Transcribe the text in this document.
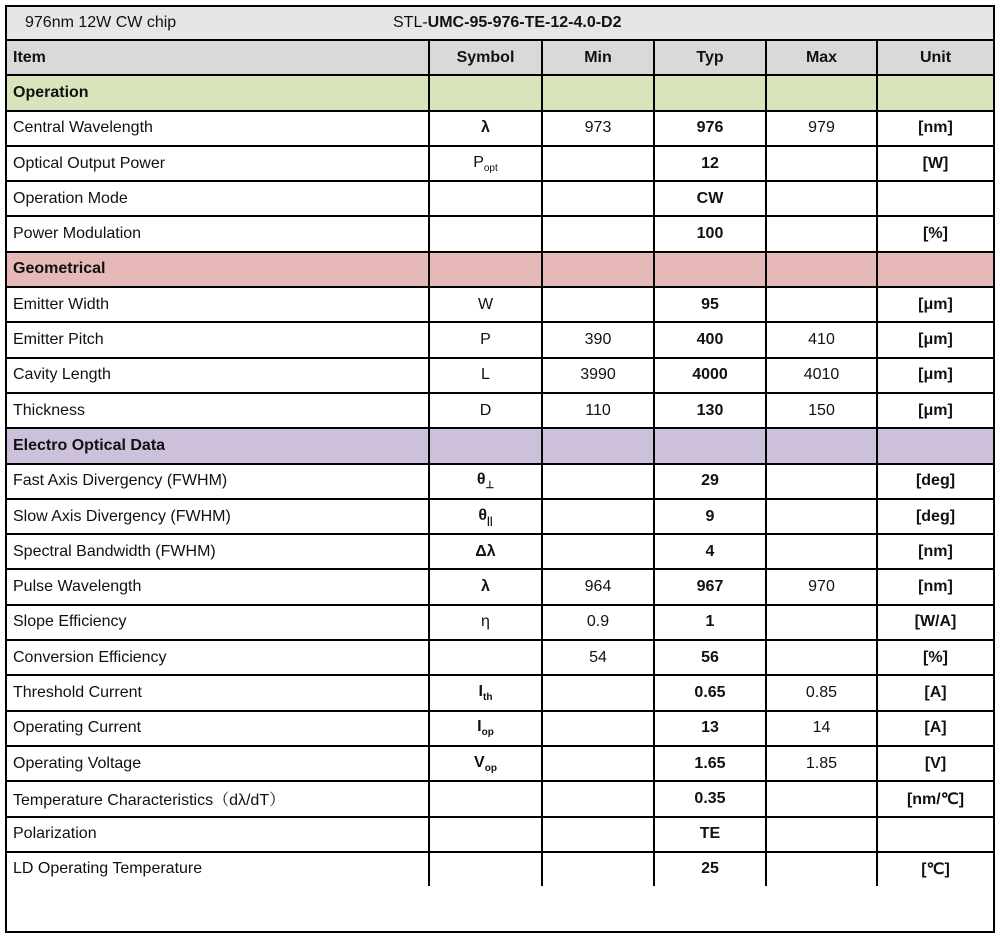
976nm 12W CW chip	STL-UMC-95-976-TE-12-4.0-D2
Item	Symbol	Min	Typ	Max	Unit
Operation					
Central Wavelength	λ	973	976	979	[nm]
Optical Output Power	$P_{opt}$		12		[W]
Operation Mode			CW		
Power Modulation			100		[%]
Geometrical					
Emitter Width	W		95		[μm]
Emitter Pitch	P	390	400	410	[μm]
Cavity Length	L	3990	4000	4010	[μm]
Thickness	D	110	130	150	[μm]
Electro Optical Data					
Fast Axis Divergency (FWHM)	$\theta_\perp$		29		[deg]
Slow Axis Divergency (FWHM)	$\theta_{||}$		9		[deg]
Spectral Bandwidth (FWHM)	Δλ		4		[nm]
Pulse Wavelength	λ	964	967	970	[nm]
Slope Efficiency	η	0.9	1		[W/A]
Conversion Efficiency		54	56		[%]
Threshold Current	$I_{th}$		0.65	0.85	[A]
Operating Current	$I_{op}$		13	14	[A]
Operating Voltage	$V_{op}$		1.65	1.85	[V]
Temperature Characteristics（dλ/dT）			0.35		[nm/℃]
Polarization			TE		
LD Operating Temperature			25		[℃]
